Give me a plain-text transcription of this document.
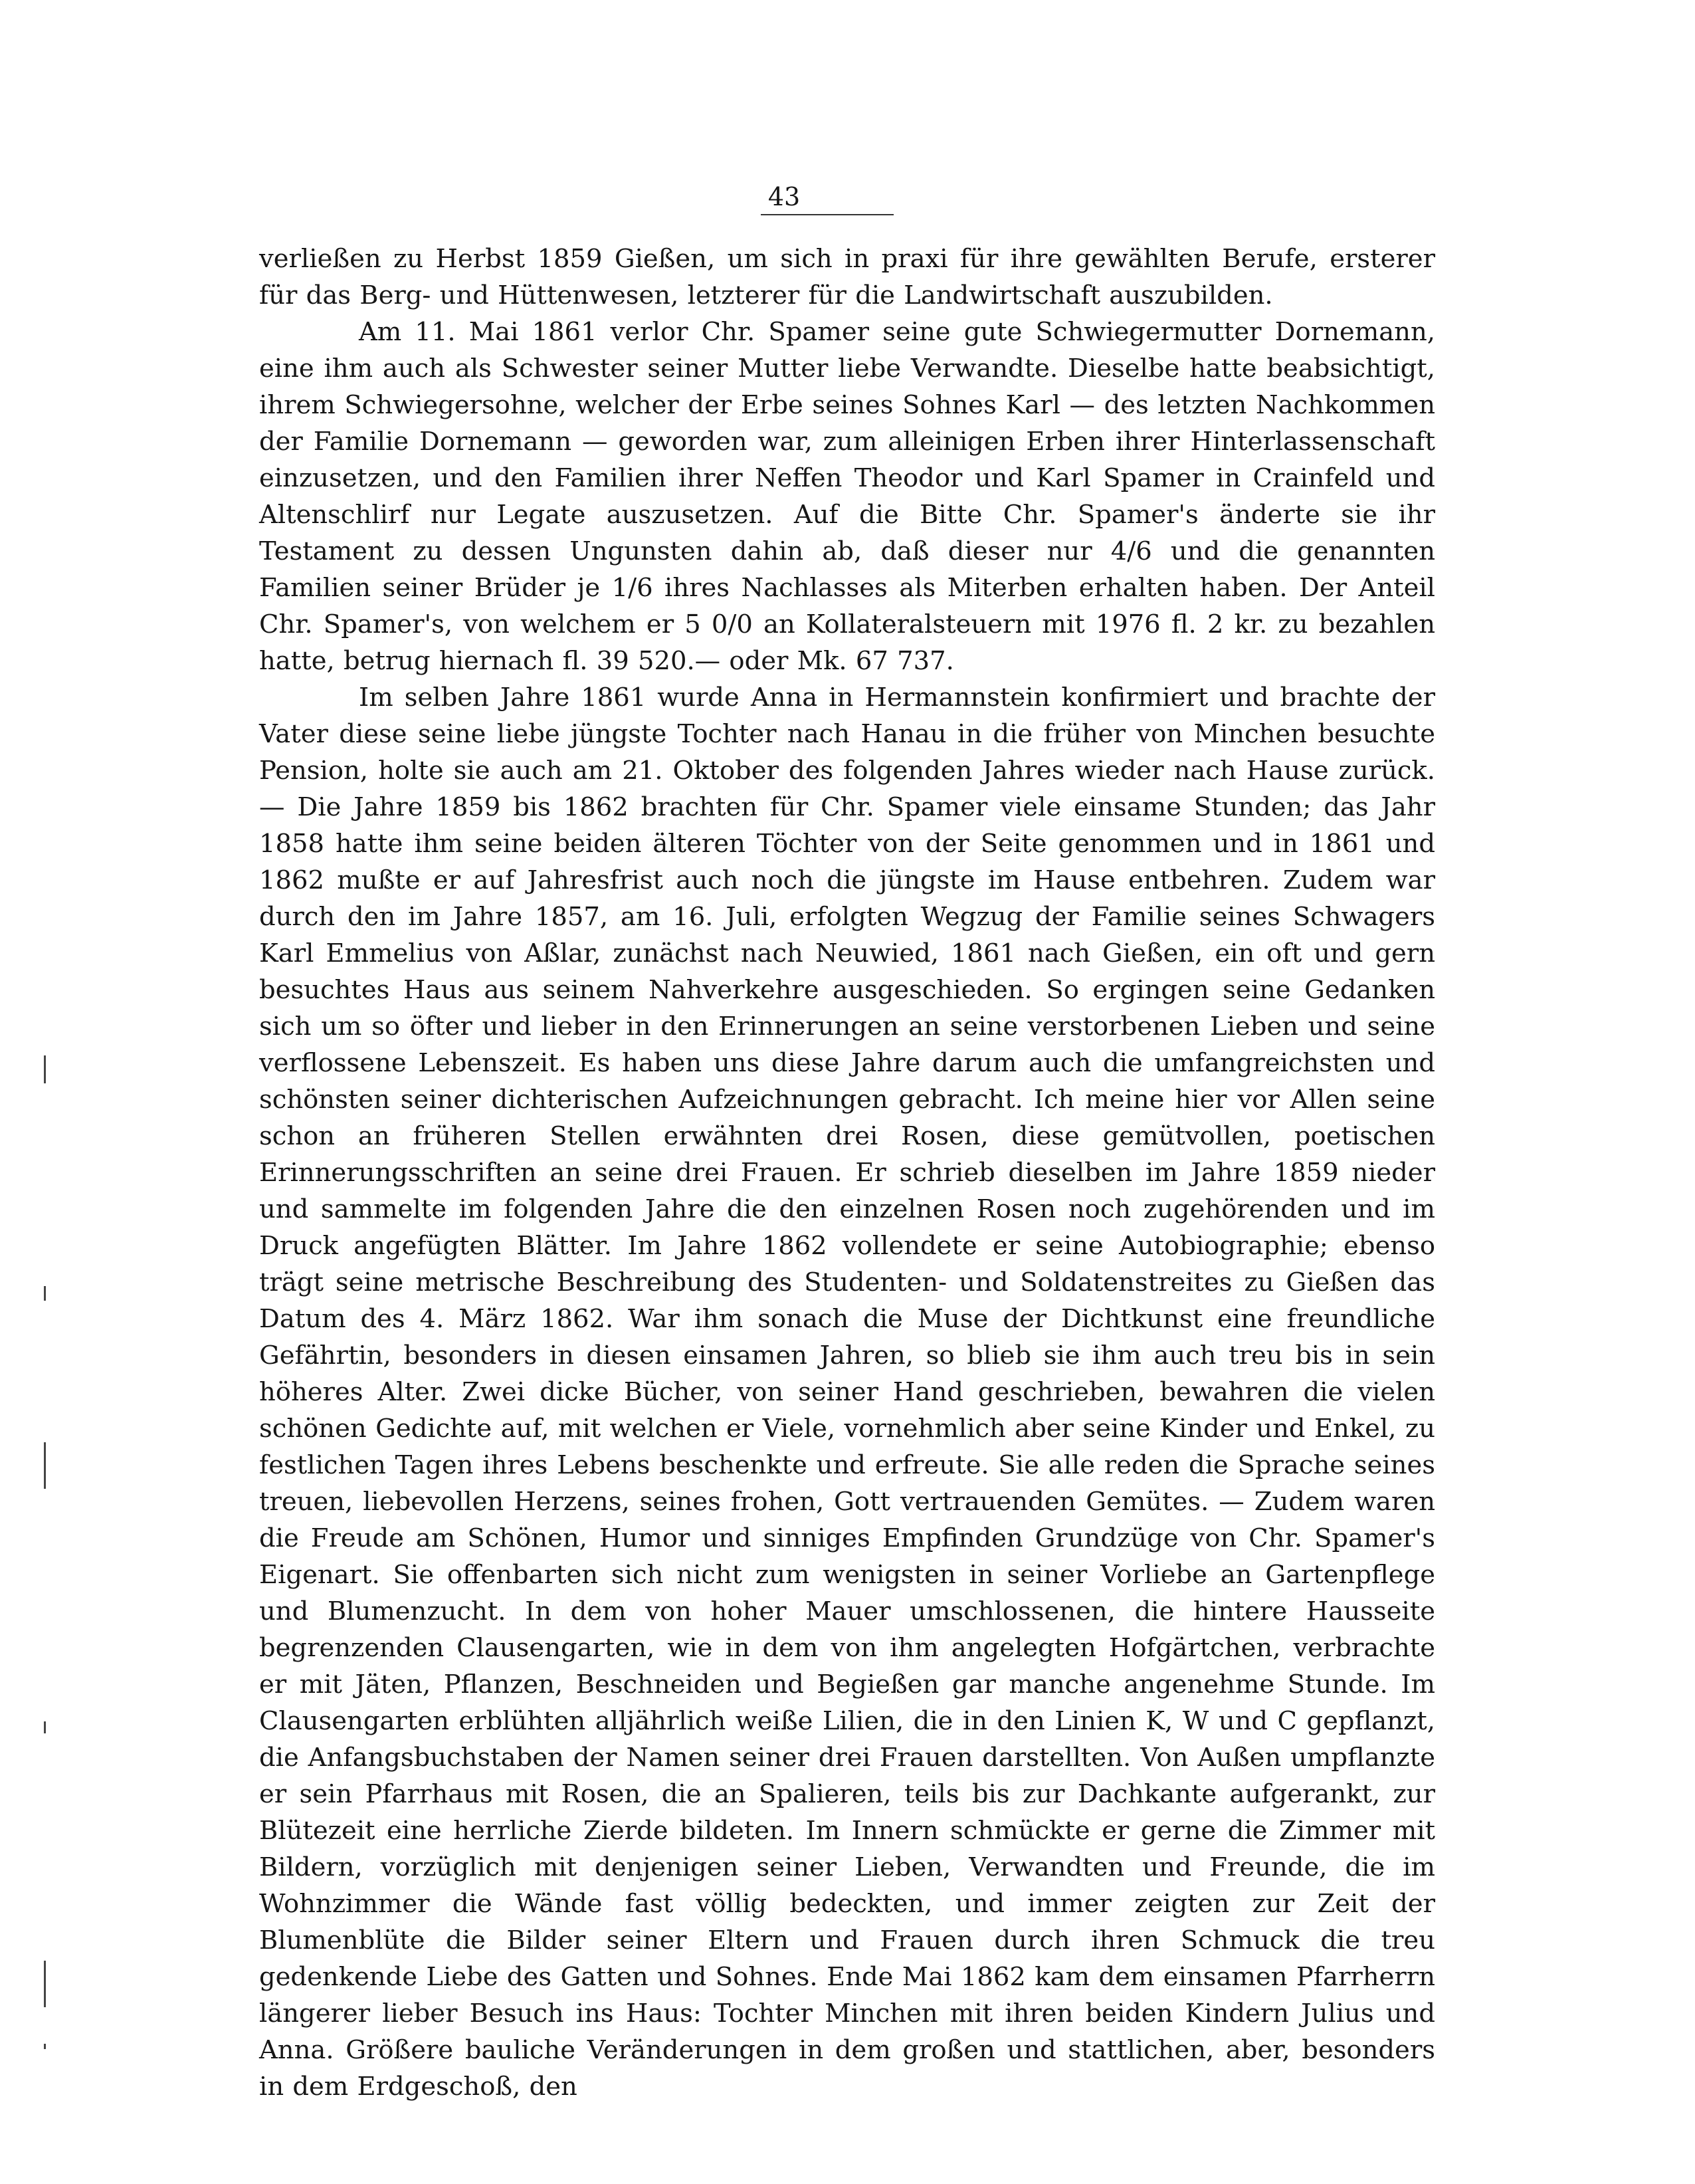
43

verließen zu Herbst 1859 Gießen, um sich in praxi für ihre gewählten Berufe, ersterer für das Berg- und Hüttenwesen, letzterer für die Landwirtschaft auszubilden.

Am 11. Mai 1861 verlor Chr. Spamer seine gute Schwiegermutter Dornemann, eine ihm auch als Schwester seiner Mutter liebe Verwandte. Dieselbe hatte beabsichtigt, ihrem Schwiegersohne, welcher der Erbe seines Sohnes Karl — des letzten Nachkommen der Familie Dornemann — geworden war, zum alleinigen Erben ihrer Hinterlassenschaft einzusetzen, und den Familien ihrer Neffen Theodor und Karl Spamer in Crainfeld und Altenschlirf nur Legate auszusetzen. Auf die Bitte Chr. Spamer's änderte sie ihr Testament zu dessen Ungunsten dahin ab, daß dieser nur 4/6 und die genannten Familien seiner Brüder je 1/6 ihres Nachlasses als Miterben erhalten haben. Der Anteil Chr. Spamer's, von welchem er 5 0/0 an Kollateralsteuern mit 1976 fl. 2 kr. zu bezahlen hatte, betrug hiernach fl. 39 520.— oder Mk. 67 737.

Im selben Jahre 1861 wurde Anna in Hermannstein konfirmiert und brachte der Vater diese seine liebe jüngste Tochter nach Hanau in die früher von Minchen besuchte Pension, holte sie auch am 21. Oktober des folgenden Jahres wieder nach Hause zurück. — Die Jahre 1859 bis 1862 brachten für Chr. Spamer viele einsame Stunden; das Jahr 1858 hatte ihm seine beiden älteren Töchter von der Seite genommen und in 1861 und 1862 mußte er auf Jahresfrist auch noch die jüngste im Hause entbehren. Zudem war durch den im Jahre 1857, am 16. Juli, erfolgten Wegzug der Familie seines Schwagers Karl Emmelius von Aßlar, zunächst nach Neuwied, 1861 nach Gießen, ein oft und gern besuchtes Haus aus seinem Nahverkehre ausgeschieden. So ergingen seine Gedanken sich um so öfter und lieber in den Erinnerungen an seine verstorbenen Lieben und seine verflossene Lebenszeit. Es haben uns diese Jahre darum auch die umfangreichsten und schönsten seiner dichterischen Aufzeichnungen gebracht. Ich meine hier vor Allen seine schon an früheren Stellen erwähnten drei Rosen, diese gemütvollen, poetischen Erinnerungsschriften an seine drei Frauen. Er schrieb dieselben im Jahre 1859 nieder und sammelte im folgenden Jahre die den einzelnen Rosen noch zugehörenden und im Druck angefügten Blätter. Im Jahre 1862 vollendete er seine Autobiographie; ebenso trägt seine metrische Beschreibung des Studenten- und Soldatenstreites zu Gießen das Datum des 4. März 1862. War ihm sonach die Muse der Dichtkunst eine freundliche Gefährtin, besonders in diesen einsamen Jahren, so blieb sie ihm auch treu bis in sein höheres Alter. Zwei dicke Bücher, von seiner Hand geschrieben, bewahren die vielen schönen Gedichte auf, mit welchen er Viele, vornehmlich aber seine Kinder und Enkel, zu festlichen Tagen ihres Lebens beschenkte und erfreute. Sie alle reden die Sprache seines treuen, liebevollen Herzens, seines frohen, Gott vertrauenden Gemütes. — Zudem waren die Freude am Schönen, Humor und sinniges Empfinden Grundzüge von Chr. Spamer's Eigenart. Sie offenbarten sich nicht zum wenigsten in seiner Vorliebe an Gartenpflege und Blumenzucht. In dem von hoher Mauer umschlossenen, die hintere Hausseite begrenzenden Clausengarten, wie in dem von ihm angelegten Hofgärtchen, verbrachte er mit Jäten, Pflanzen, Beschneiden und Begießen gar manche angenehme Stunde. Im Clausengarten erblühten alljährlich weiße Lilien, die in den Linien K, W und C gepflanzt, die Anfangsbuchstaben der Namen seiner drei Frauen darstellten. Von Außen umpflanzte er sein Pfarrhaus mit Rosen, die an Spalieren, teils bis zur Dachkante aufgerankt, zur Blütezeit eine herrliche Zierde bildeten. Im Innern schmückte er gerne die Zimmer mit Bildern, vorzüglich mit denjenigen seiner Lieben, Verwandten und Freunde, die im Wohnzimmer die Wände fast völlig bedeckten, und immer zeigten zur Zeit der Blumenblüte die Bilder seiner Eltern und Frauen durch ihren Schmuck die treu gedenkende Liebe des Gatten und Sohnes. Ende Mai 1862 kam dem einsamen Pfarrherrn längerer lieber Besuch ins Haus: Tochter Minchen mit ihren beiden Kindern Julius und Anna. Größere bauliche Veränderungen in dem großen und stattlichen, aber, besonders in dem Erdgeschoß, den
